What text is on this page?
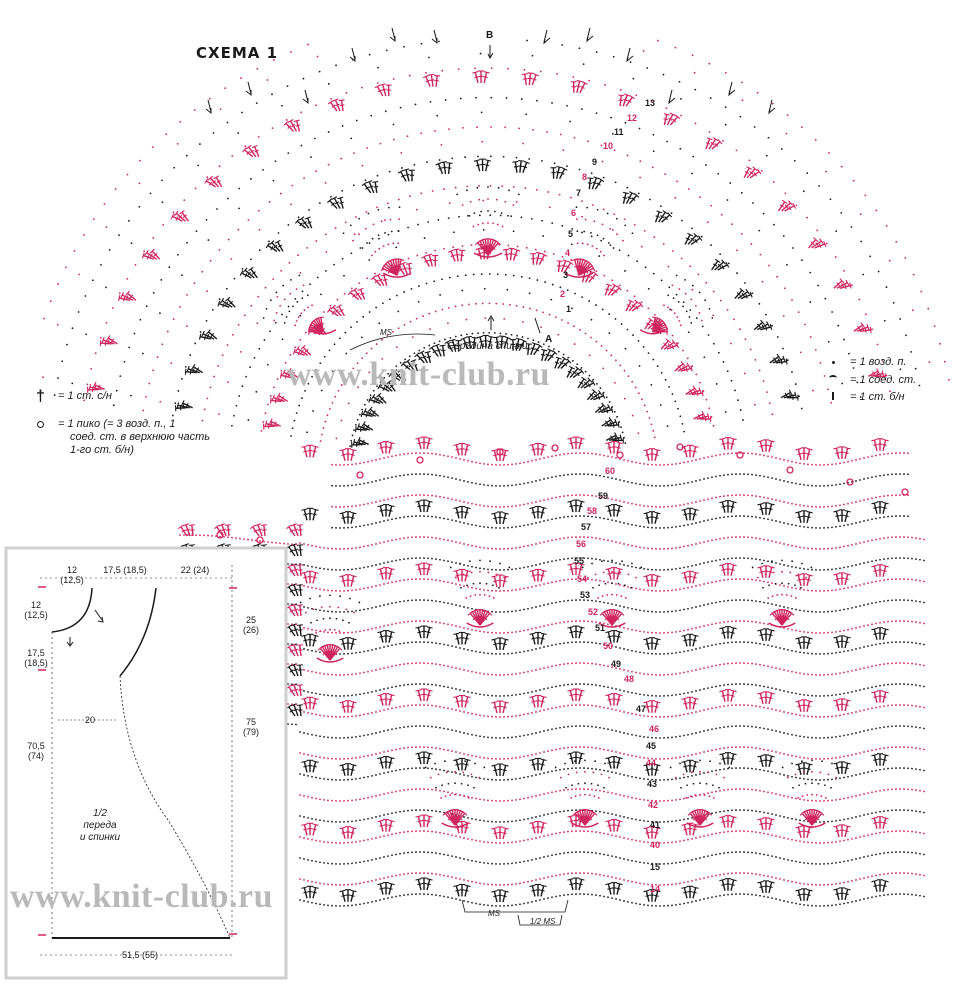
СХЕМА 1
В
А
Середина спинки
MS
MS
1/2 MS
1
2
3
4
5
6
7
8
9
10
11
12
13
14
15
40
41
42
43
44
45
46
47
48
49
50
51
52
53
54
55
56
57
58
59
60
† = 1 ст. с/н
= 1 пико (= 3 возд. п., 1
соед. ст. в верхнюю часть
1-го ст. б/н)
= 1 возд. п.
= 1 соед. ст.
= 1 ст. б/н
12
(12,5)
17,5 (18,5)	22 (24)
12
(12,5)
17,5
(18,5)
20
70,5
(74)
25
(26)
75
(79)
1/2
переда
и спинки
51,5 (55)
www.knit-club.ru
www.knit-club.ru
